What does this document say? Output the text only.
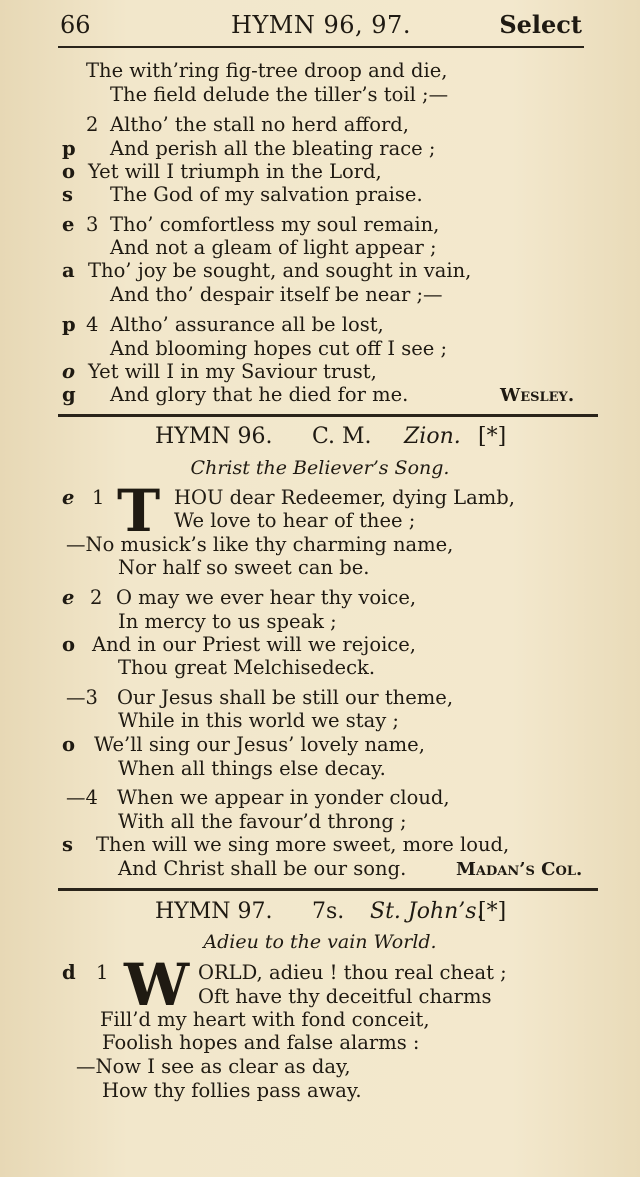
66	HYMN 96, 97.	Select
The with’ring fig-tree droop and die,
The field delude the tiller’s toil ;—
2 Altho’ the stall no herd afford,
p	And perish all the bleating race ;
o Yet will I triumph in the Lord,
s	The God of my salvation praise.
e 3 Tho’ comfortless my soul remain,
And not a gleam of light appear ;
a Tho’ joy be sought, and sought in vain,
And tho’ despair itself be near ;—
p 4 Altho’ assurance all be lost,
And blooming hopes cut off I see ;
o Yet will I in my Saviour trust,
g	And glory that he died for me.	Wesley.
HYMN 96. C. M. Zion. [*]
Christ the Believer’s Song.
e 1	HOU dear Redeemer, dying Lamb,
T We love to hear of thee ;
—No musick’s like thy charming name,
Nor half so sweet can be.
e 2 O may we ever hear thy voice,
In mercy to us speak ;
o And in our Priest will we rejoice,
Thou great Melchisedeck.
—3 Our Jesus shall be still our theme,
While in this world we stay ;
o We’ll sing our Jesus’ lovely name,
When all things else decay.
—4 When we appear in yonder cloud,
With all the favour’d throng ;
s	Then will we sing more sweet, more loud,
And Christ shall be our song.	Madan’s Col.
HYMN 97. 7s. St. John’s.
[*]
Adieu to the vain World.
d	1	ORLD, adieu ! thou real cheat ;
W Oft have thy deceitful charms
Fill’d my heart with fond conceit,
Foolish hopes and false alarms :
—Now I see as clear as day,
How thy follies pass away.
